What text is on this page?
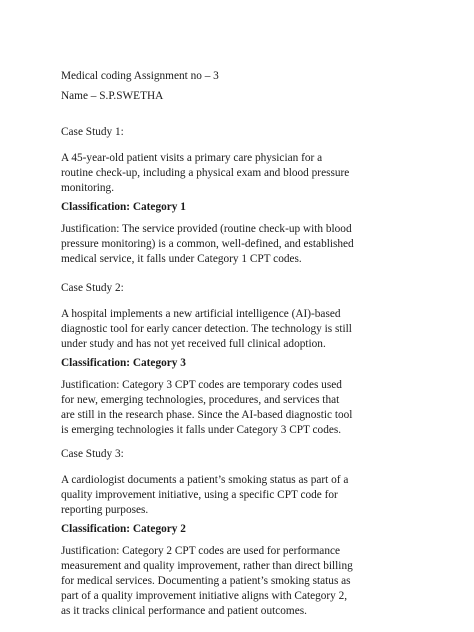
Medical coding Assignment no – 3
Name – S.P.SWETHA
Case Study 1:
A 45-year-old patient visits a primary care physician for a
routine check-up, including a physical exam and blood pressure
monitoring.
Classification: Category 1
Justification: The service provided (routine check-up with blood
pressure monitoring) is a common, well-defined, and established
medical service, it falls under Category 1 CPT codes.
Case Study 2:
A hospital implements a new artificial intelligence (AI)-based
diagnostic tool for early cancer detection. The technology is still
under study and has not yet received full clinical adoption.
Classification: Category 3
Justification: Category 3 CPT codes are temporary codes used
for new, emerging technologies, procedures, and services that
are still in the research phase. Since the AI-based diagnostic tool
is emerging technologies it falls under Category 3 CPT codes.
Case Study 3:
A cardiologist documents a patient’s smoking status as part of a
quality improvement initiative, using a specific CPT code for
reporting purposes.
Classification: Category 2
Justification: Category 2 CPT codes are used for performance
measurement and quality improvement, rather than direct billing
for medical services. Documenting a patient’s smoking status as
part of a quality improvement initiative aligns with Category 2,
as it tracks clinical performance and patient outcomes.
